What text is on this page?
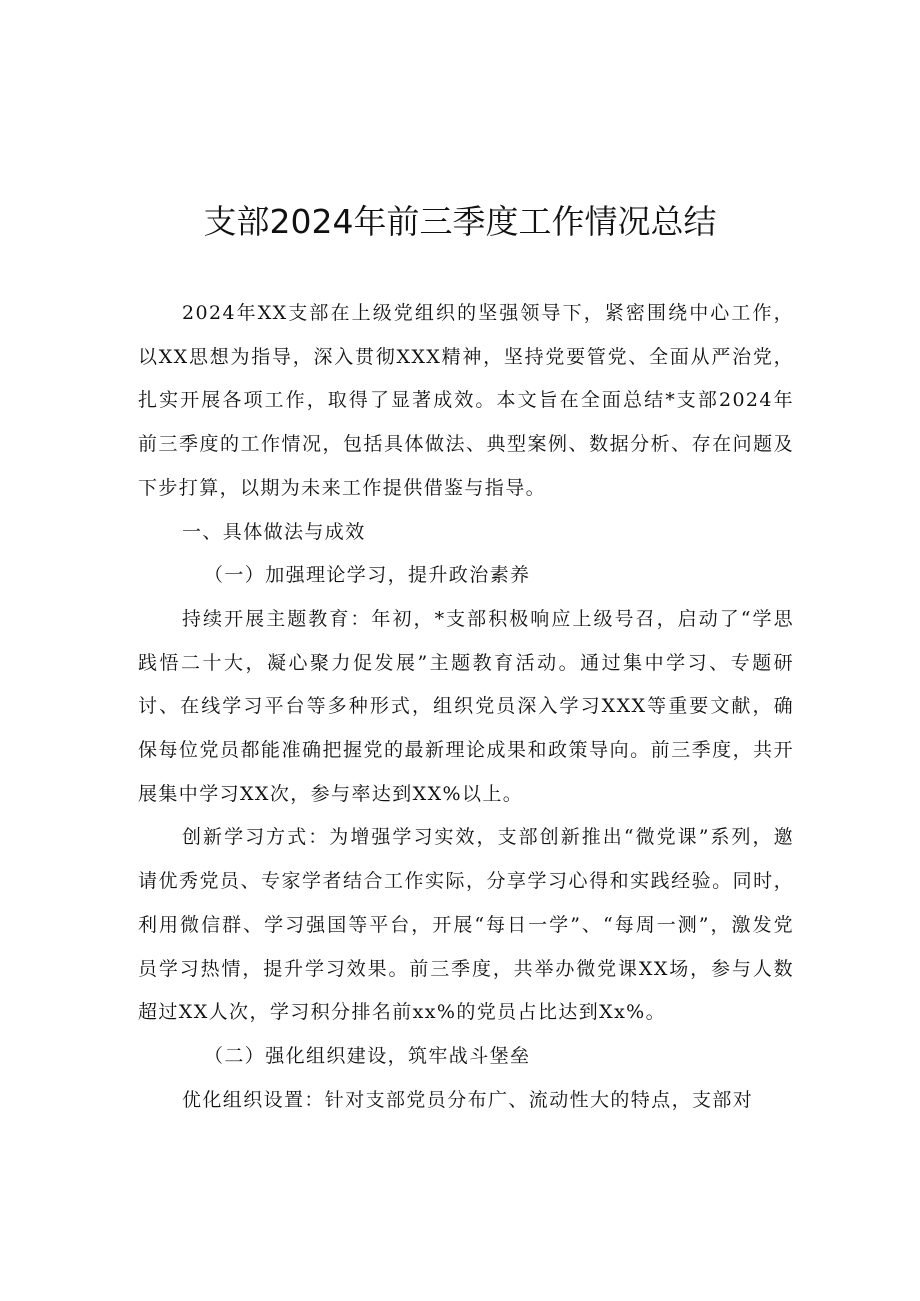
支部2024年前三季度工作情况总结

2024年XX支部在上级党组织的坚强领导下，紧密围绕中心工作，以XX思想为指导，深入贯彻XXX精神，坚持党要管党、全面从严治党，扎实开展各项工作，取得了显著成效。本文旨在全面总结*支部2024年前三季度的工作情况，包括具体做法、典型案例、数据分析、存在问题及下步打算，以期为未来工作提供借鉴与指导。

一、具体做法与成效

（一）加强理论学习，提升政治素养

持续开展主题教育：年初，*支部积极响应上级号召，启动了“学思践悟二十大，凝心聚力促发展”主题教育活动。通过集中学习、专题研讨、在线学习平台等多种形式，组织党员深入学习XXX等重要文献，确保每位党员都能准确把握党的最新理论成果和政策导向。前三季度，共开展集中学习XX次，参与率达到XX%以上。

创新学习方式：为增强学习实效，支部创新推出“微党课”系列，邀请优秀党员、专家学者结合工作实际，分享学习心得和实践经验。同时，利用微信群、学习强国等平台，开展“每日一学”、“每周一测”，激发党员学习热情，提升学习效果。前三季度，共举办微党课XX场，参与人数超过XX人次，学习积分排名前xx%的党员占比达到Xx%。

（二）强化组织建设，筑牢战斗堡垒

优化组织设置：针对支部党员分布广、流动性大的特点，支部对
